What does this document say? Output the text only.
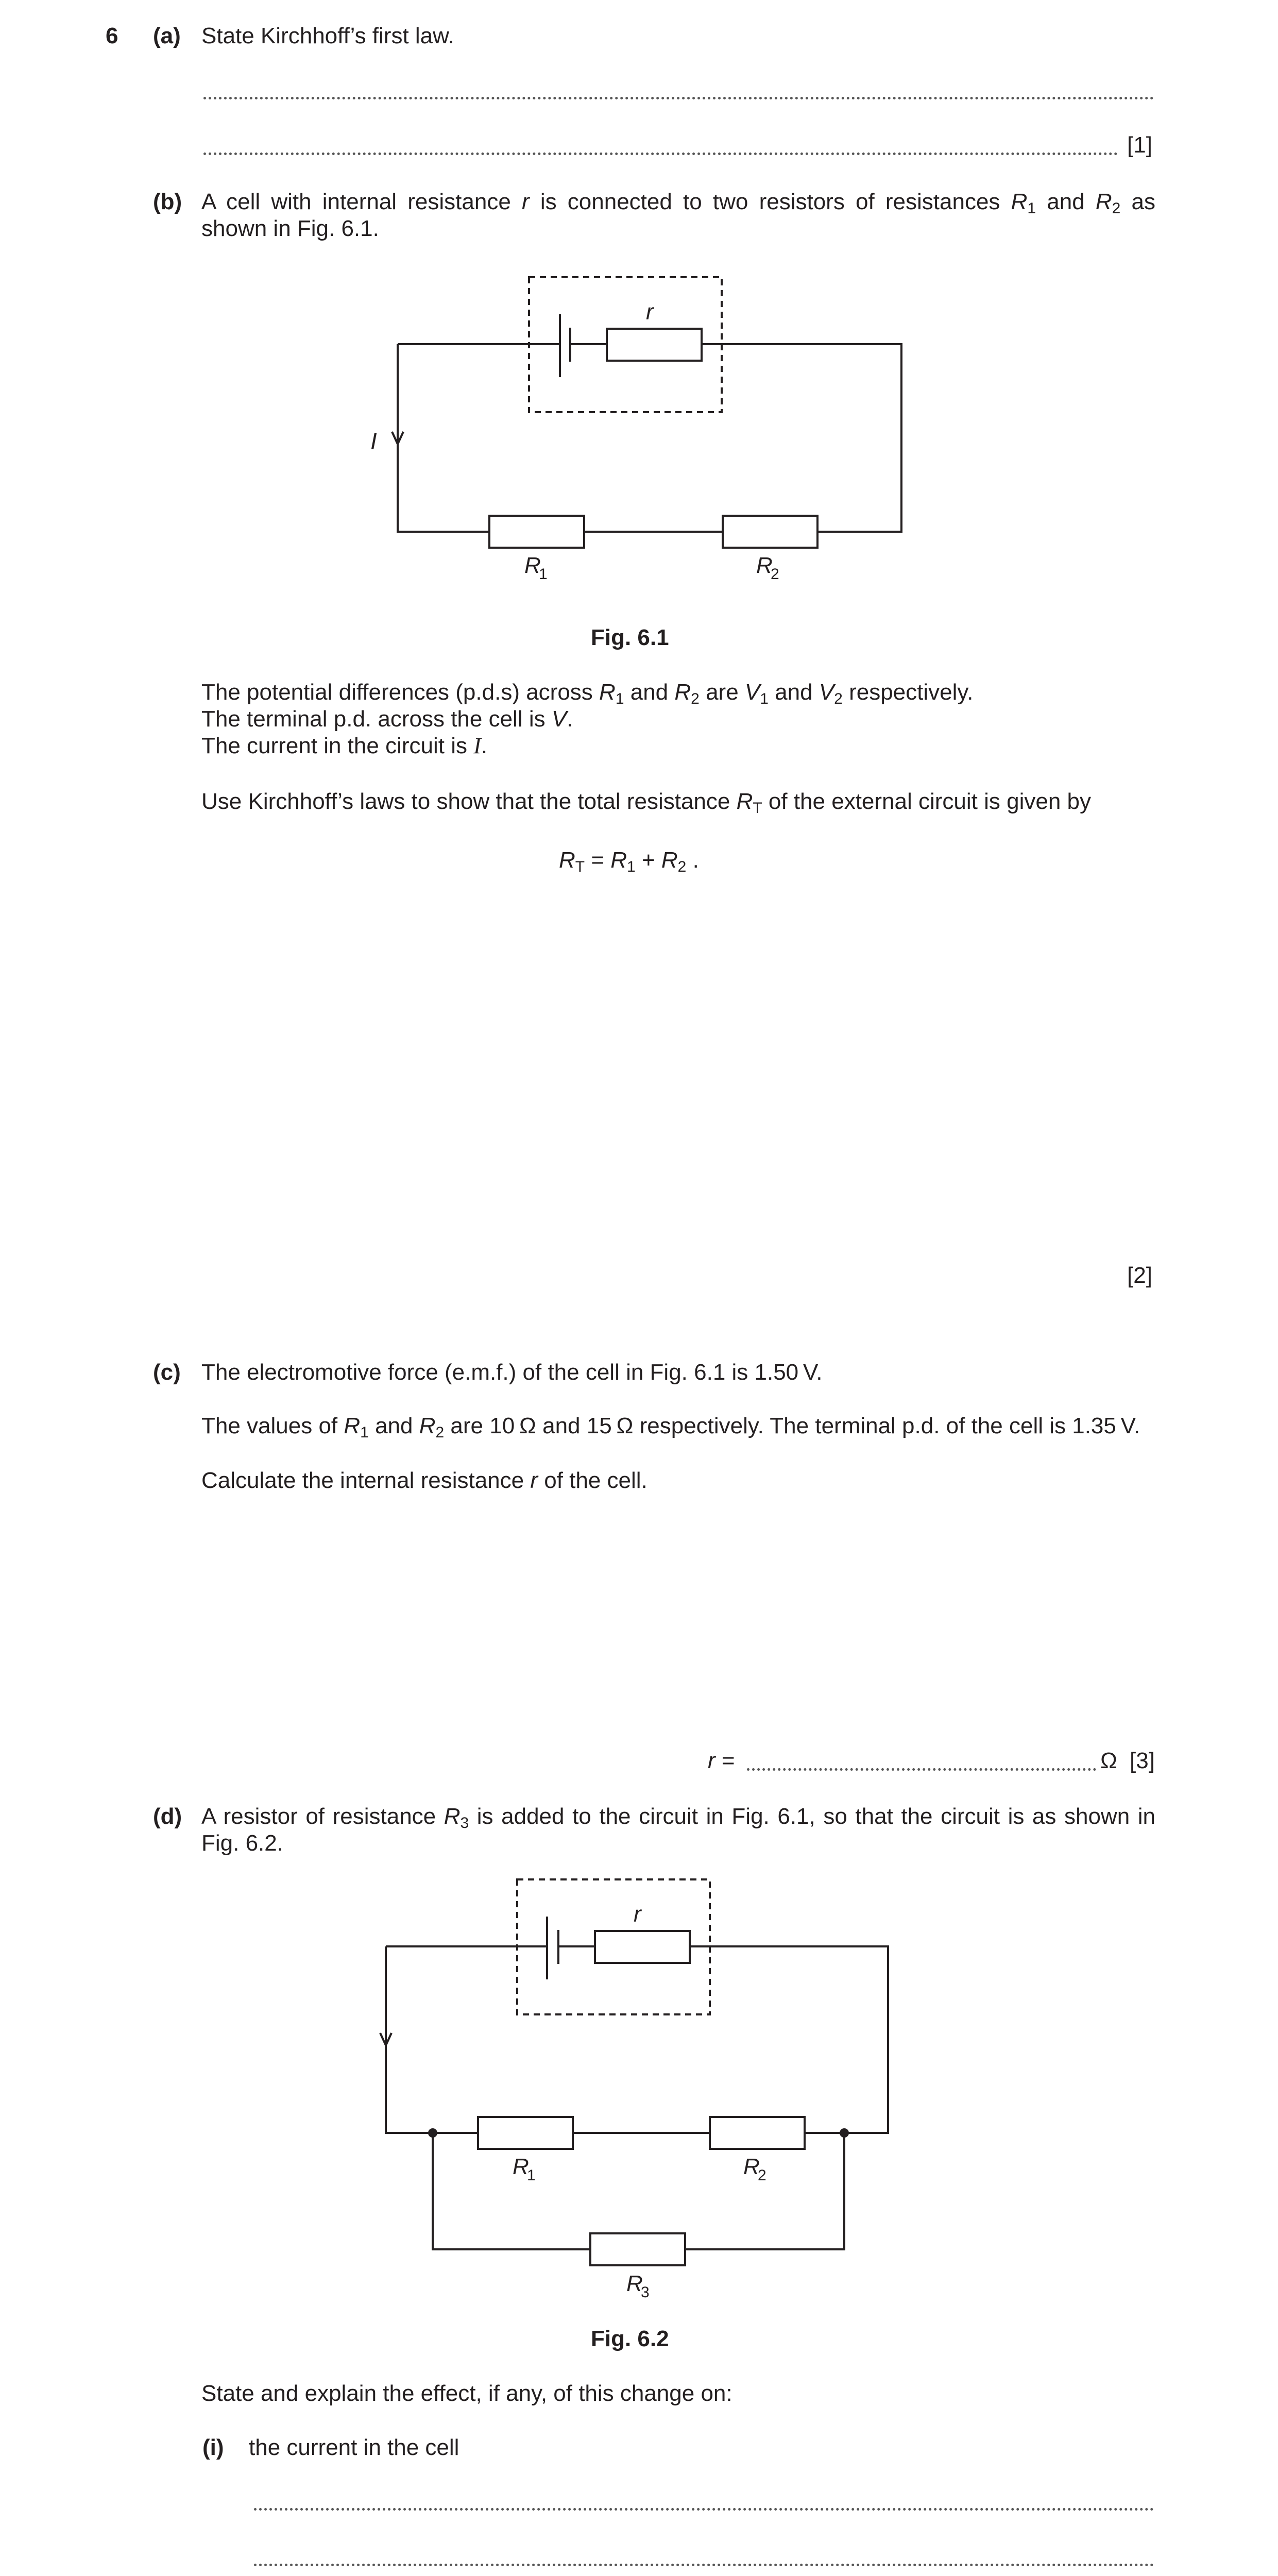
6 (a) State Kirchhoff’s first law.
[1]
(b) A cell with internal resistance r is connected to two resistors of resistances $R_1$ and $R_2$ as
shown in Fig. 6.1.
r
I
R
1	R
2
Fig. 6.1
The potential differences (p.d.s) across $R_1$ and $R_2$ are $V_1$ and $V_2$ respectively.
The terminal p.d. across the cell is V.
The current in the circuit is I.
Use Kirchhoff’s laws to show that the total resistance $R_T$ of the external circuit is given by
$R_T = R_1 + R_2$ .
[2]
(c) The electromotive force (e.m.f.) of the cell in Fig. 6.1 is 1.50 V.
The values of $R_1$ and $R_2$ are 10 Ω and 15 Ω respectively. The terminal p.d. of the cell is 1.35 V.
Calculate the internal resistance r of the cell.
r =	Ω [3]
(d) A resistor of resistance $R_3$ is added to the circuit in Fig. 6.1, so that the circuit is as shown in
Fig. 6.2.
r
R
1	R
2
R
3
Fig. 6.2
State and explain the effect, if any, of this change on:
(i) the current in the cell
